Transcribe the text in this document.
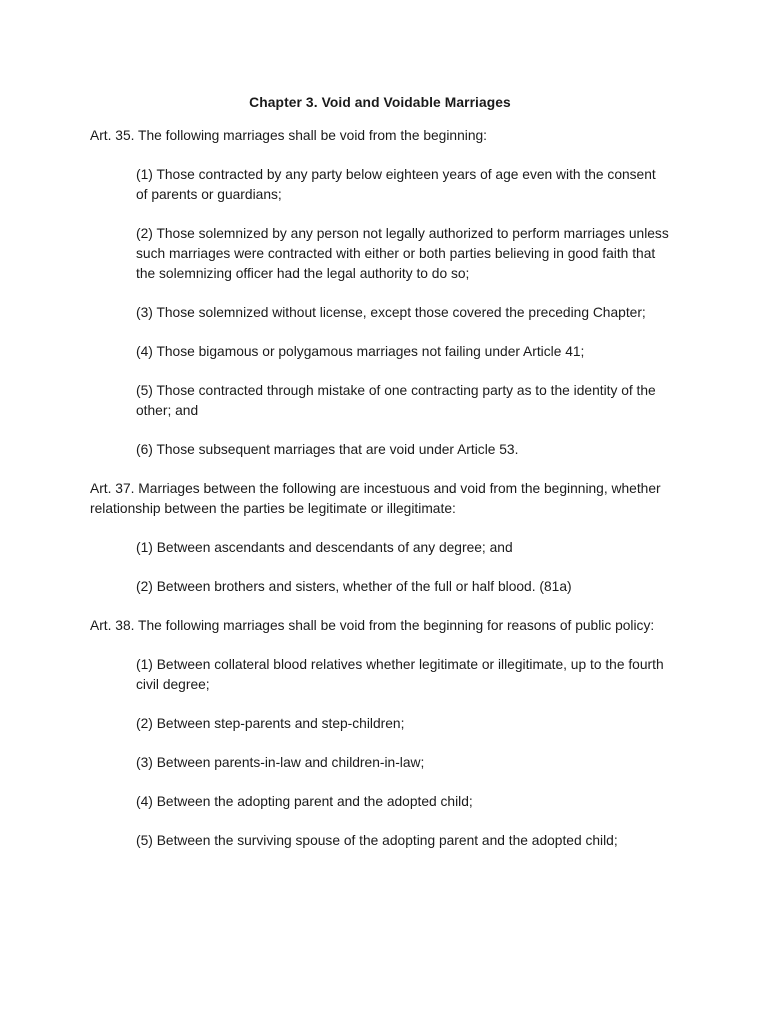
Chapter 3. Void and Voidable Marriages

Art. 35. The following marriages shall be void from the beginning:

(1) Those contracted by any party below eighteen years of age even with the consent of parents or guardians;

(2) Those solemnized by any person not legally authorized to perform marriages unless such marriages were contracted with either or both parties believing in good faith that the solemnizing officer had the legal authority to do so;

(3) Those solemnized without license, except those covered the preceding Chapter;

(4) Those bigamous or polygamous marriages not failing under Article 41;

(5) Those contracted through mistake of one contracting party as to the identity of the other; and

(6) Those subsequent marriages that are void under Article 53.

Art. 37. Marriages between the following are incestuous and void from the beginning, whether relationship between the parties be legitimate or illegitimate:

(1) Between ascendants and descendants of any degree; and

(2) Between brothers and sisters, whether of the full or half blood. (81a)

Art. 38. The following marriages shall be void from the beginning for reasons of public policy:

(1) Between collateral blood relatives whether legitimate or illegitimate, up to the fourth civil degree;

(2) Between step-parents and step-children;

(3) Between parents-in-law and children-in-law;

(4) Between the adopting parent and the adopted child;

(5) Between the surviving spouse of the adopting parent and the adopted child;
